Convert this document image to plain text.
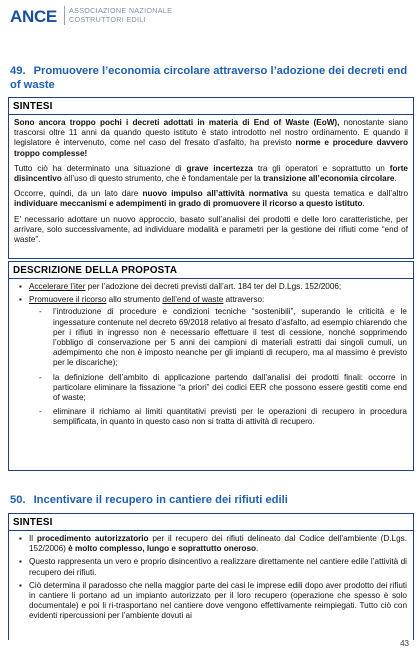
ANCE ASSOCIAZIONE NAZIONALE
COSTRUTTORI EDILI
49. Promuovere l’economia circolare attraverso l’adozione dei decreti end of waste
SINTESI

Sono ancora troppo pochi i decreti adottati in materia di End of Waste (EoW), nonostante siano trascorsi oltre 11 anni da quando questo istituto è stato introdotto nel nostro ordinamento. E quando il legislatore è intervenuto, come nel caso del fresato d’asfalto, ha previsto norme e procedure davvero troppo complesse!

Tutto ciò ha determinato una situazione di grave incertezza tra gli operatori e soprattutto un forte disincentivo all’uso di questo strumento, che è fondamentale per la transizione all’economia circolare.

Occorre, quindi, da un lato dare nuovo impulso all’attività normativa su questa tematica e dall’altro individuare meccanismi e adempimenti in grado di promuovere il ricorso a questo istituto.

E’ necessario adottare un nuovo approccio, basato sull’analisi dei prodotti e delle loro caratteristiche, per arrivare, solo successivamente, ad individuare modalità e parametri per la gestione dei rifiuti come “end of waste”.

DESCRIZIONE DELLA PROPOSTA
▪ Accelerare l’iter per l’adozione dei decreti previsti dall’art. 184 ter del D.Lgs. 152/2006;
▪ Promuovere il ricorso allo strumento dell’end of waste attraverso:
- l’introduzione di procedure e condizioni tecniche “sostenibili”, superando le criticità e le ingessature contenute nel decreto 69/2018 relativo al fresato d’asfalto, ad esempio chiarendo che per i rifiuti in ingresso non è necessario effettuare il test di cessione, nonché sopprimendo l’obbligo di conservazione per 5 anni dei campioni di materiali estratti dai singoli cumuli, un adempimento che non è imposto neanche per gli impianti di recupero, ma al massimo è previsto per le discariche);
- la definizione dell’ambito di applicazione partendo dall’analisi dei prodotti finali: occorre in particolare eliminare la fissazione “a priori” dei codici EER che possono essere gestiti come end of waste;
- eliminare il richiamo ai limiti quantitativi previsti per le operazioni di recupero in procedura semplificata, in quanto in questo caso non si tratta di attività di recupero.
50. Incentivare il recupero in cantiere dei rifiuti edili
SINTESI
▪ Il procedimento autorizzatorio per il recupero dei rifiuti delineato dal Codice dell’ambiente (D.Lgs. 152/2006) è molto complesso, lungo e soprattutto oneroso.
▪ Questo rappresenta un vero e proprio disincentivo a realizzare direttamente nel cantiere edile l’attività di recupero dei rifiuti.
▪ Ciò determina il paradosso che nella maggior parte dei casi le imprese edili dopo aver prodotto dei rifiuti in cantiere li portano ad un impianto autorizzato per il loro recupero (operazione che spesso è solo documentale) e poi li ri-trasportano nel cantiere dove vengono effettivamente reimpiegati. Tutto ciò con evidenti ripercussioni per l’ambiente dovuti ai
43
